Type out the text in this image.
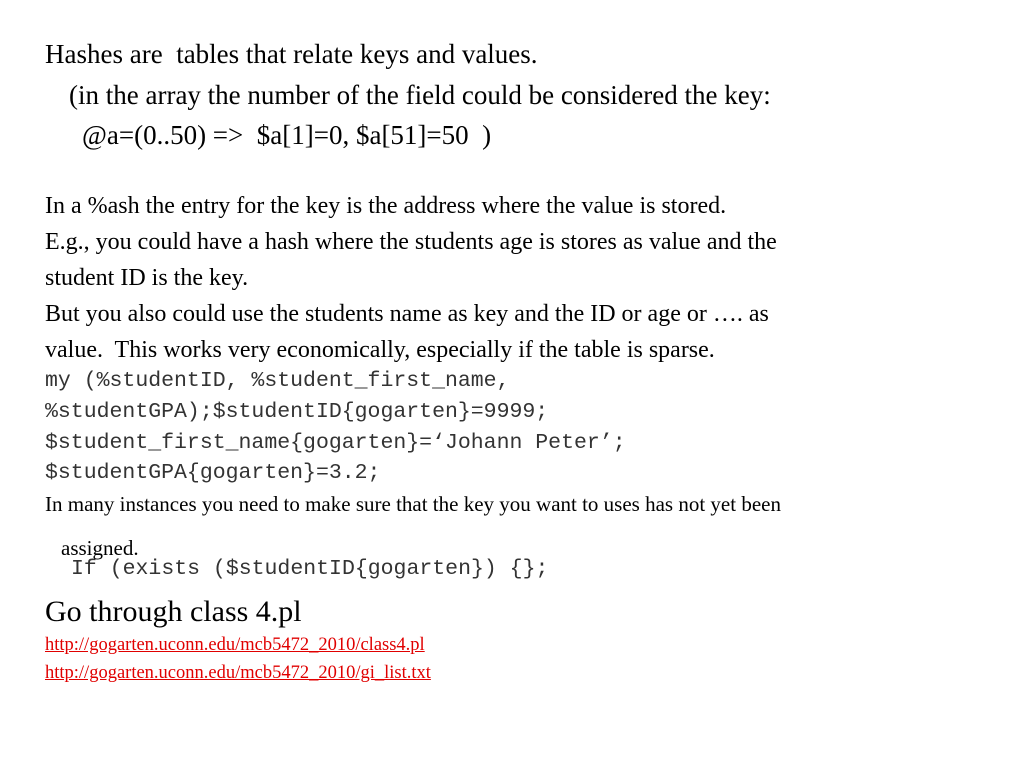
Hashes are  tables that relate keys and values.
(in the array the number of the field could be considered the key:
@a=(0..50) =>  $a[1]=0, $a[51]=50  )
In a %ash the entry for the key is the address where the value is stored.
E.g., you could have a hash where the students age is stores as value and the
student ID is the key.
But you also could use the students name as key and the ID or age or …. as
value.  This works very economically, especially if the table is sparse.
my (%studentID, %student_first_name,
%studentGPA);$studentID{gogarten}=9999;
$student_first_name{gogarten}=‘Johann Peter’;
$studentGPA{gogarten}=3.2;
In many instances you need to make sure that the key you want to uses has not yet been

assigned.
If (exists ($studentID{gogarten}) {};

Go through class 4.pl
http://gogarten.uconn.edu/mcb5472_2010/class4.pl
http://gogarten.uconn.edu/mcb5472_2010/gi_list.txt
